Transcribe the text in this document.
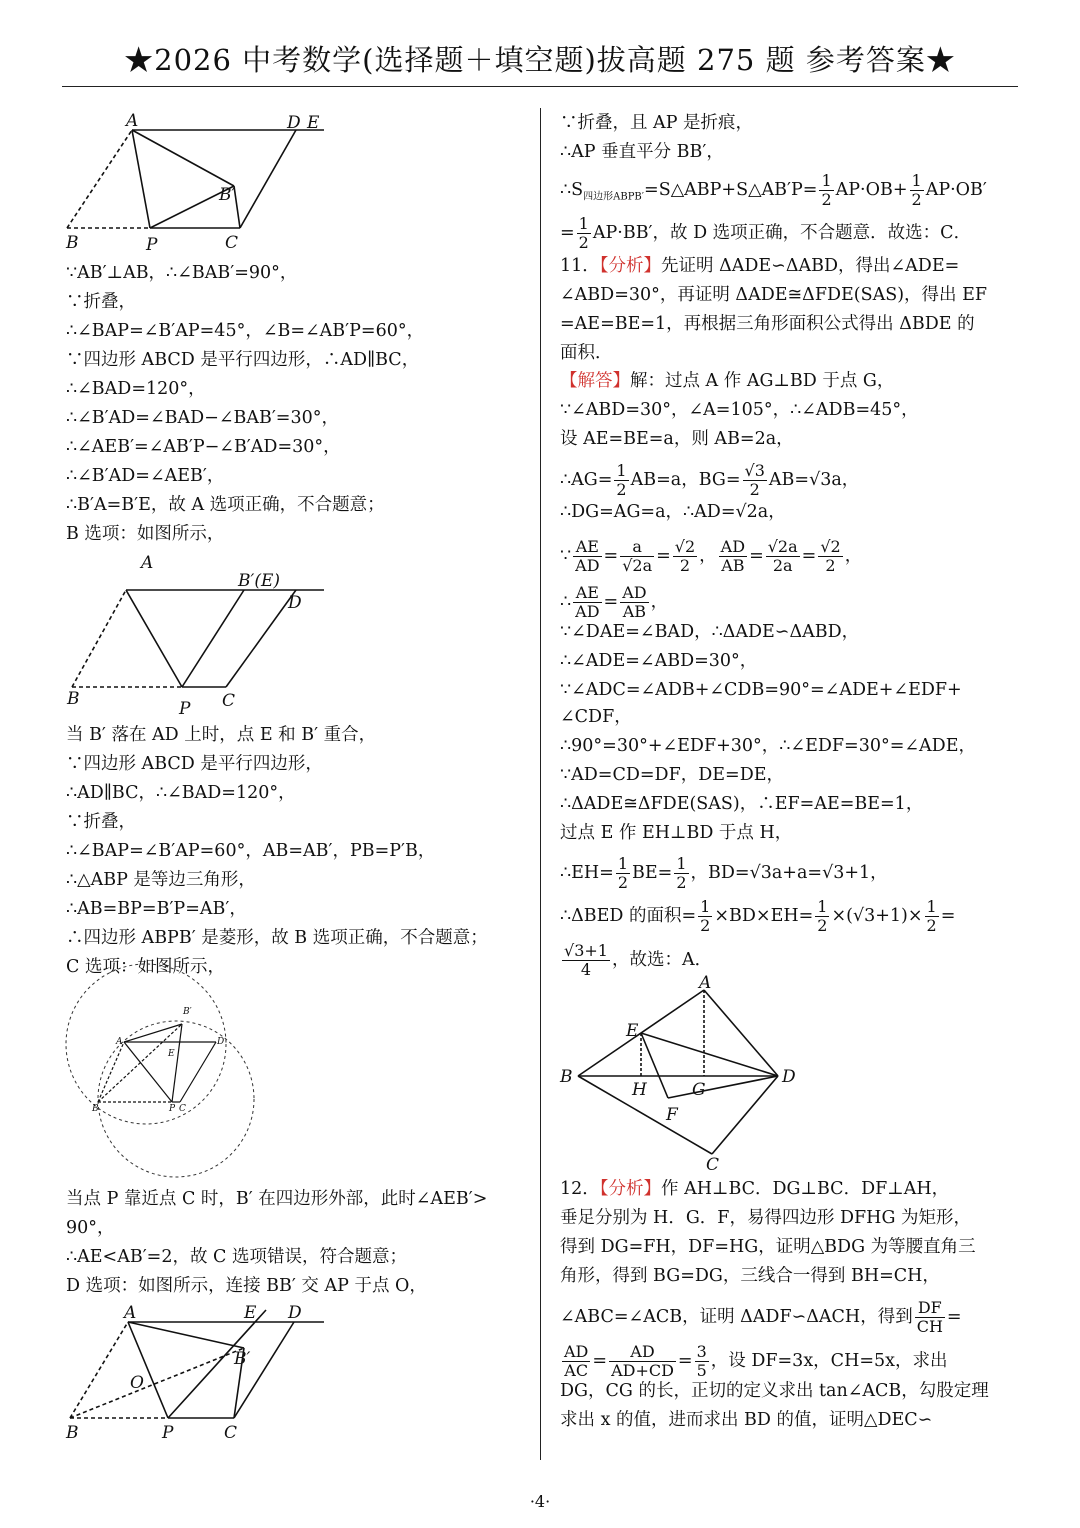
★2026 中考数学(选择题＋填空题)拔高题 275 题 参考答案★
A	D E
B′
B	P	C
∵AB′⊥AB，∴∠BAB′=90°，
∵折叠，
∴∠BAP=∠B′AP=45°，∠B=∠AB′P=60°，
∵四边形 ABCD 是平行四边形，∴AD∥BC，
∴∠BAD=120°，
∴∠B′AD=∠BAD−∠BAB′=30°，
∴∠AEB′=∠AB′P−∠B′AD=30°，
∴∠B′AD=∠AEB′，
∴B′A=B′E，故 A 选项正确，不合题意；
B 选项：如图所示，
A
B′(E)
D
B	P C
当 B′ 落在 AD 上时，点 E 和 B′ 重合，
∵四边形 ABCD 是平行四边形，
∴AD∥BC，∴∠BAD=120°，
∵折叠，
∴∠BAP=∠B′AP=60°，AB=AB′，PB=P′B，
∴△ABP 是等边三角形，
∴AB=BP=B′P=AB′，
∴四边形 ABPB′ 是菱形，故 B 选项正确，不合题意；
C 选项：如图所示，
B′
A
E
D
B	P C
当点 P 靠近点 C 时，B′ 在四边形外部，此时∠AEB′>
90°，
∴AE<AB′=2，故 C 选项错误，符合题意；
D 选项：如图所示，连接 BB′ 交 AP 于点 O，
A	E D
B′
O
B	P	C
∵折叠，且 AP 是折痕，
∴AP 垂直平分 BB′，
$\therefore S_{四边形ABPB'}=S\triangle ABP+S\triangle AB'P= \frac{1}{2} AP\cdot OB+ \frac{1}{2} AP\cdot OB'$
= $\frac{1}{2} AP\cdot BB'$，故 D 选项正确，不合题意．故选：C．
11．【分析】先证明 ΔADE∽ΔABD，得出∠ADE=
∠ABD=30°，再证明 ΔADE≅ΔFDE(SAS)，得出 EF
=AE=BE=1，再根据三角形面积公式得出 ΔBDE 的
面积．
【解答】解：过点 A 作 AG⊥BD 于点 G，
∵∠ABD=30°，∠A=105°，∴∠ADB=45°，
设 AE=BE=a，则 AB=2a，
∴AG= $\frac{1}{2} AB=a$，$BG= \frac{√3}{2} AB=√3a$，
∴DG=AG=a，∴AD=√2a，
∵ $\frac{AE}{AD} = \frac{a}{√2a} = \frac{√2}{2}$ ， $\frac{AD}{AB} = \frac{√2a}{2a} = \frac{√2}{2}$ ，
∴ $\frac{AE}{AD} = \frac{AD}{AB}$ ，
∵∠DAE=∠BAD，∴ΔADE∽ΔABD，
∴∠ADE=∠ABD=30°，
∵∠ADC=∠ADB+∠CDB=90°=∠ADE+∠EDF+
∠CDF，
∴90°=30°+∠EDF+30°，∴∠EDF=30°=∠ADE，
∵AD=CD=DF，DE=DE，
∴ΔADE≅ΔFDE(SAS)，∴EF=AE=BE=1，
过点 E 作 EH⊥BD 于点 H，
∴EH= $\frac{1}{2} BE= \frac{1}{2}$ ，BD=√3a+a=√3+1，
∴ΔBED 的面积= $\frac{1}{2} \times BD\times EH= \frac{1}{2} \times(√3+1)\times \frac{1}{2}$ =
$\frac{√3+1}{4}$ ，故选：A．
A
E
B
H	G
D
F
C
12．【分析】作 AH⊥BC．DG⊥BC．DF⊥AH，
垂足分别为 H．G．F，易得四边形 DFHG 为矩形，
得到 DG=FH，DF=HG，证明△BDG 为等腰直角三
角形，得到 BG=DG，三线合一得到 BH=CH，
∠ABC=∠ACB，证明 ΔADF∽ΔACH，得到 $\frac{DF}{CH}$ =
$\frac{AD}{AC} = \frac{AD}{AD+CD} = \frac{3}{5}$ ，设 DF=3x，CH=5x，求出
DG，CG 的长，正切的定义求出 tan∠ACB，勾股定理
求出 x 的值，进而求出 BD 的值，证明△DEC∽
·4·
